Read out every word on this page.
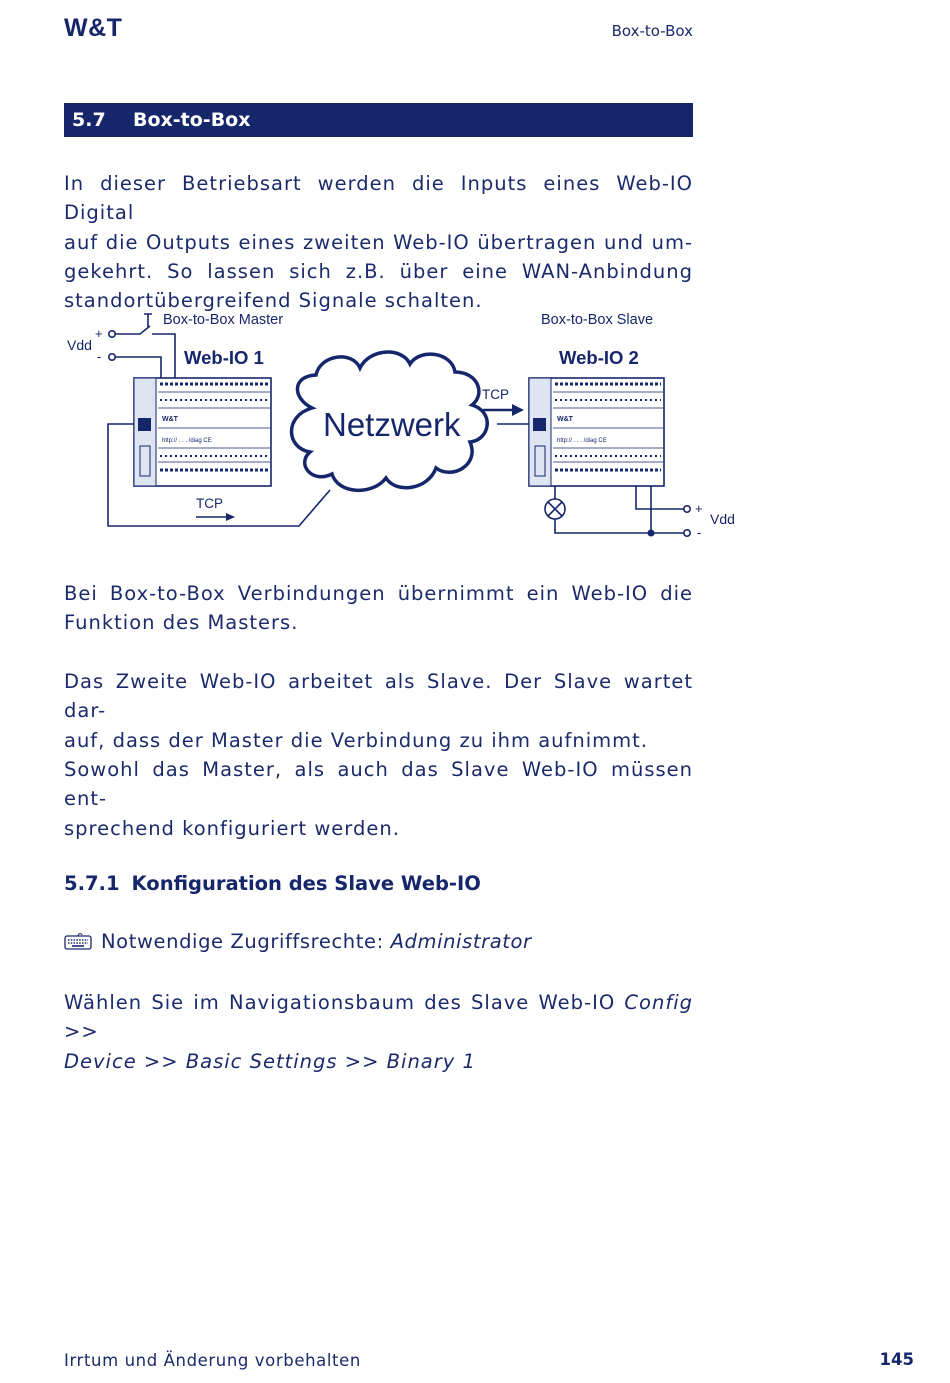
W&T	Box-to-Box
5.7 Box-to-Box
In dieser Betriebsart werden die Inputs eines Web-IO Digital
auf die Outputs eines zweiten Web-IO übertragen und um-
gekehrt. So lassen sich z.B. über eine WAN-Anbindung
standortübergreifend Signale schalten.
W&T
http:// . . . /diag CE
W&T
http:// . . . /diag CE
Box-to-Box Master	Box-to-Box Slave
Web-IO 1	Web-IO 2
Netzwerk
TCP
TCP
Vdd
+
-
Vdd
+
-
Bei Box-to-Box Verbindungen übernimmt ein Web-IO die
Funktion des Masters.
Das Zweite Web-IO arbeitet als Slave. Der Slave wartet dar-
auf, dass der Master die Verbindung zu ihm aufnimmt.
Sowohl das Master, als auch das Slave Web-IO müssen ent-
sprechend konfiguriert werden.
5.7.1 Konfiguration des Slave Web-IO
Notwendige Zugriffsrechte: Administrator
Wählen Sie im Navigationsbaum des Slave Web-IO Config >>
Device >> Basic Settings >> Binary 1
Irrtum und Änderung vorbehalten	145
